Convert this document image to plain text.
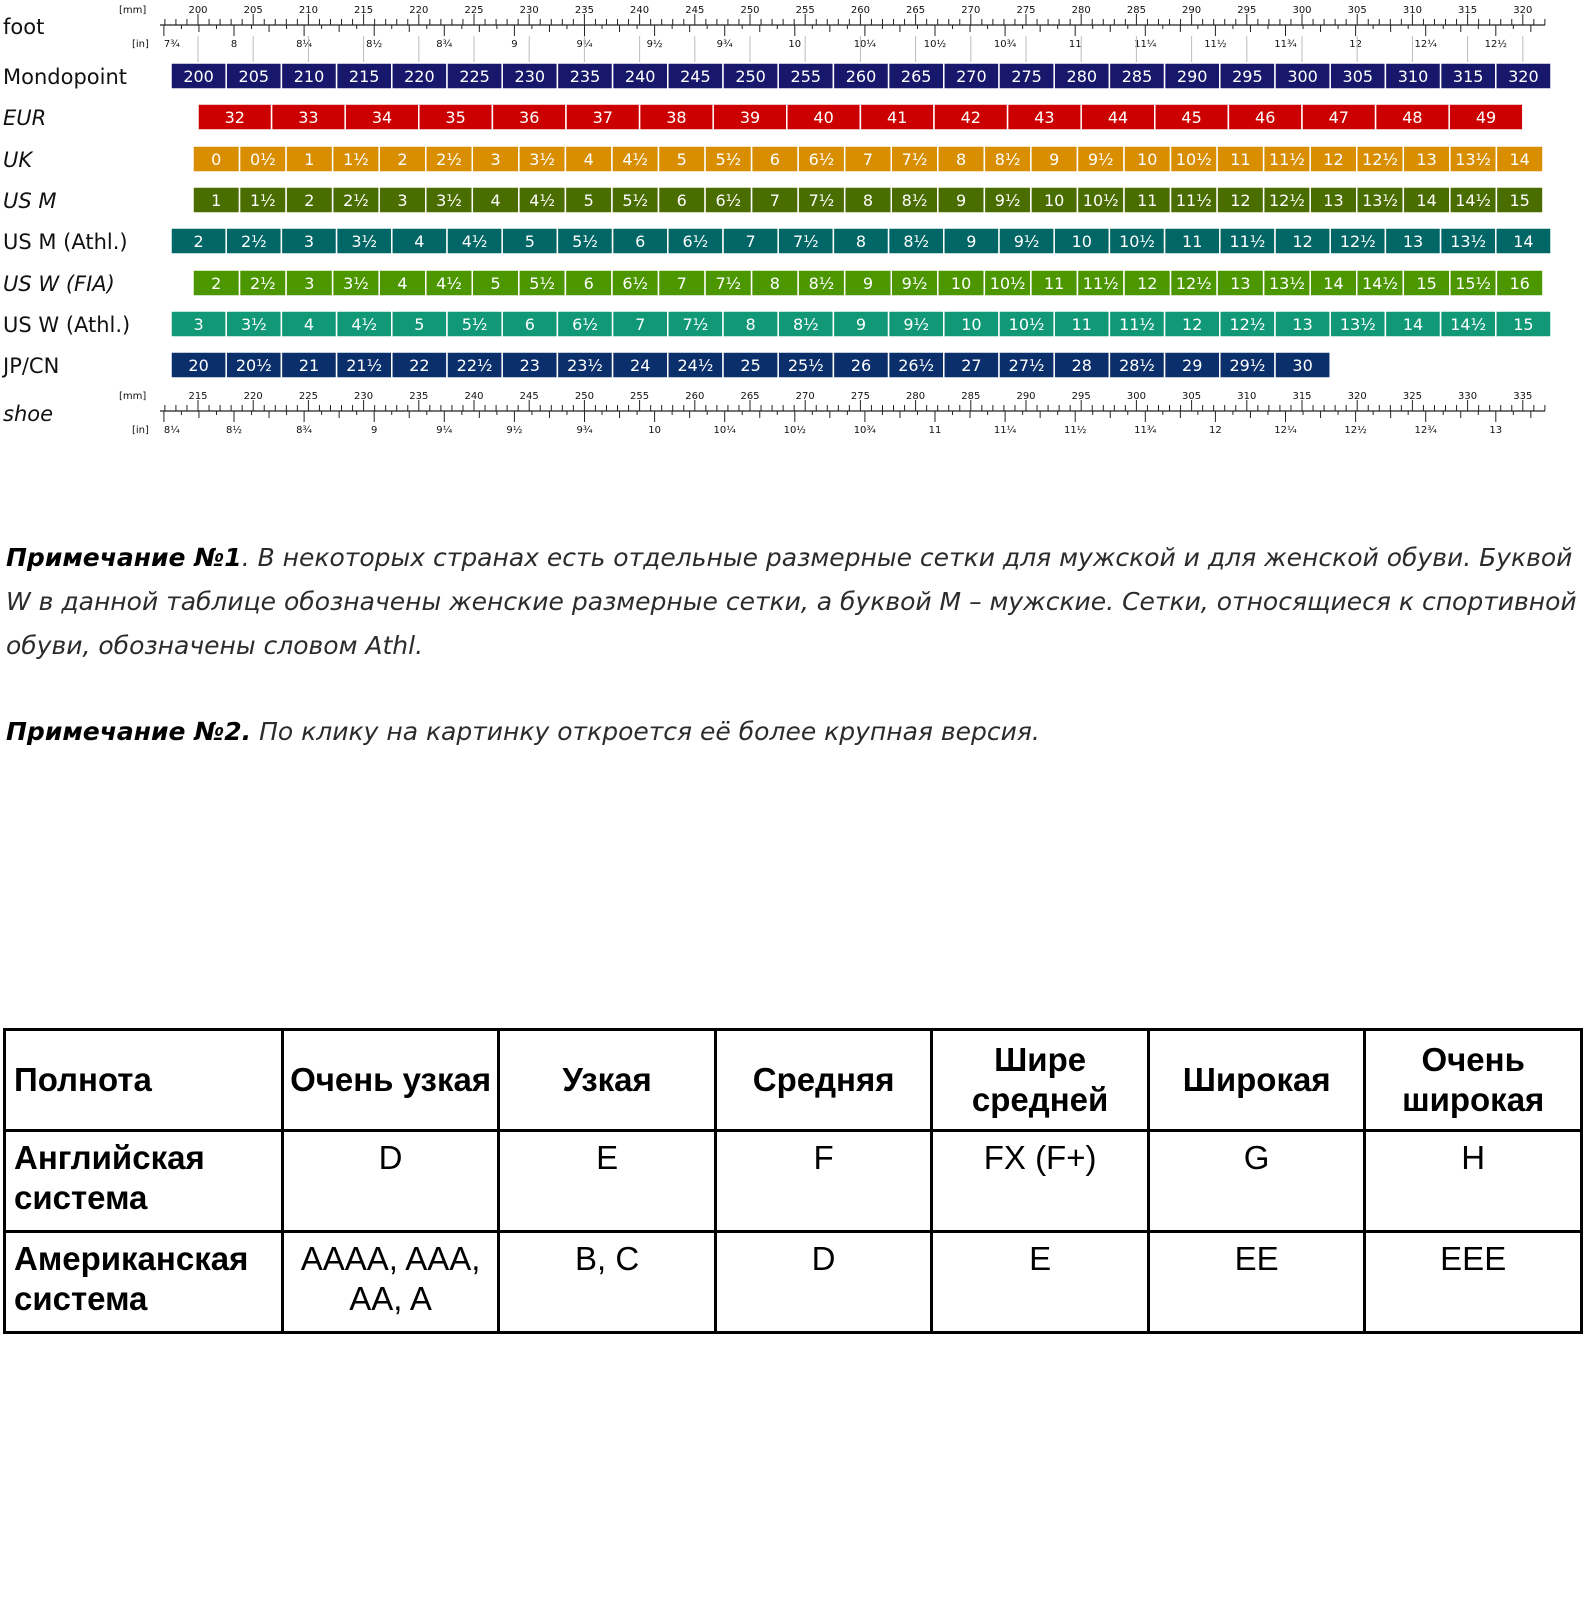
foot
[mm]
[in]
200	205	210	215	220	225	230	235	240	245	250	255	260	265	270	275	280	285	290	295	300	305	310	315	320
7¾	8	8¼	8½	8¾	9	9¼	9½	9¾	10	10¼	10½	10¾	11	11¼	11½	11¾	12	12¼	12½
Mondopoint	200 205 210 215 220 225 230 235 240 245 250 255 260 265 270 275 280 285 290 295 300 305 310 315 320
EUR	32	33	34	35	36	37	38	39	40	41	42	43	44	45	46	47	48	49
UK	0 0½ 1 1½ 2 2½ 3 3½ 4 4½ 5 5½ 6 6½ 7 7½ 8 8½ 9 9½ 10 10½ 11 11½ 12 12½ 13 13½ 14
US M	1 1½ 2 2½ 3 3½ 4 4½ 5 5½ 6 6½ 7 7½ 8 8½ 9 9½ 10 10½ 11 11½ 12 12½ 13 13½ 14 14½ 15
US M (Athl.)	2 2½ 3 3½ 4 4½ 5 5½ 6 6½ 7 7½ 8 8½ 9 9½ 10 10½ 11 11½ 12 12½ 13 13½ 14
US W (FIA)	2 2½ 3 3½ 4 4½ 5 5½ 6 6½ 7 7½ 8 8½ 9 9½ 10 10½ 11 11½ 12 12½ 13 13½ 14 14½ 15 15½ 16
US W (Athl.)	3 3½ 4 4½ 5 5½ 6 6½ 7 7½ 8 8½ 9 9½ 10 10½ 11 11½ 12 12½ 13 13½ 14 14½ 15
JP/CN	20 20½ 21 21½ 22 22½ 23 23½ 24 24½ 25 25½ 26 26½ 27 27½ 28 28½ 29 29½ 30
shoe
[mm]
[in]
215	220	225	230	235	240	245	250	255	260	265	270	275	280	285	290	295	300	305	310	315	320	325	330	335
8¼	8½	8¾	9	9¼	9½	9¾	10	10¼	10½	10¾	11	11¼	11½	11¾	12	12¼	12½	12¾	13

Примечание №1. В некоторых странах есть отдельные размерные сетки для мужской и для женской обуви. Буквой W в данной таблице обозначены женские размерные сетки, а буквой M – мужские. Сетки, относящиеся к спортивной обуви, обозначены словом Athl.

Примечание №2. По клику на картинку откроется её более крупная версия.

Полнота	Очень узкая	Узкая	Средняя	Шире средней	Широкая	Очень широкая
Английская система	D	E	F	FX (F+)	G	H
Американская система	AAAA, AAA, AA, A	B, C	D	E	EE	EEE
